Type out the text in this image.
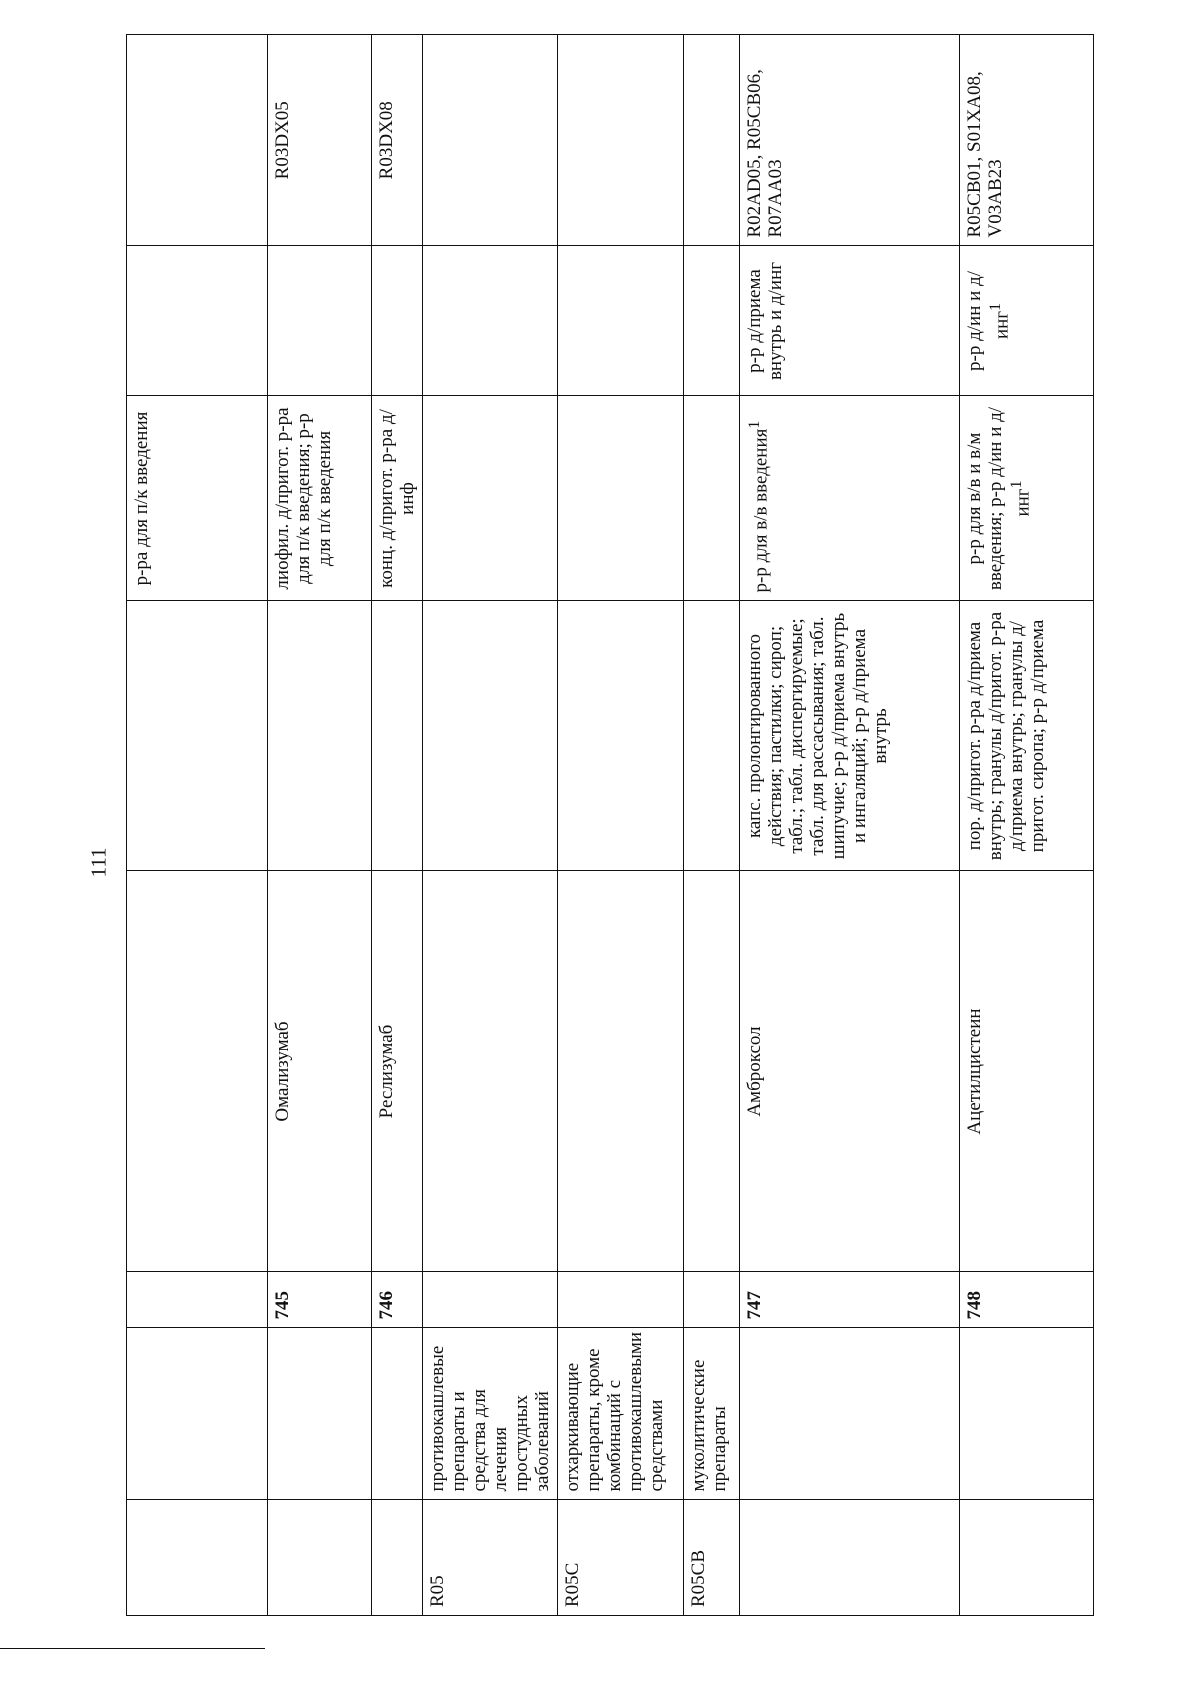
111
					р-ра для п/к введения		
		745	Омализумаб		лиофил. д/пригот. р-ра для п/к введения; р-р для п/к введения		R03DX05
		746	Реслизумаб		конц. д/пригот. р-ра д/инф		R03DX08
R05	противокашлевые препараты и средства для лечения простудных заболеваний						
R05C	отхаркивающие препараты, кроме комбинаций с противокашлевыми средствами						
R05CB	муколитические препараты						
		747	Амброксол	капс. пролонгированного действия; пастилки; сироп; табл.; табл. диспергируемые; табл. для рассасывания; табл. шипучие; р-р д/приема внутрь и ингаляций; р-р д/приема внутрь	р-р для в/в введения$^1$	р-р д/приема внутрь и д/инг	R02AD05, R05CB06, R07AA03
		748	Ацетилцистеин	пор. д/пригот. р-ра д/приема внутрь; гранулы д/пригот. р-ра д/приема внутрь; гранулы д/пригот. сиропа; р-р д/приема	р-р для в/в и в/м введения; р-р д/ин и д/инг$^1$	р-р д/ин и д/инг$^1$	R05CB01, S01XA08, V03AB23
